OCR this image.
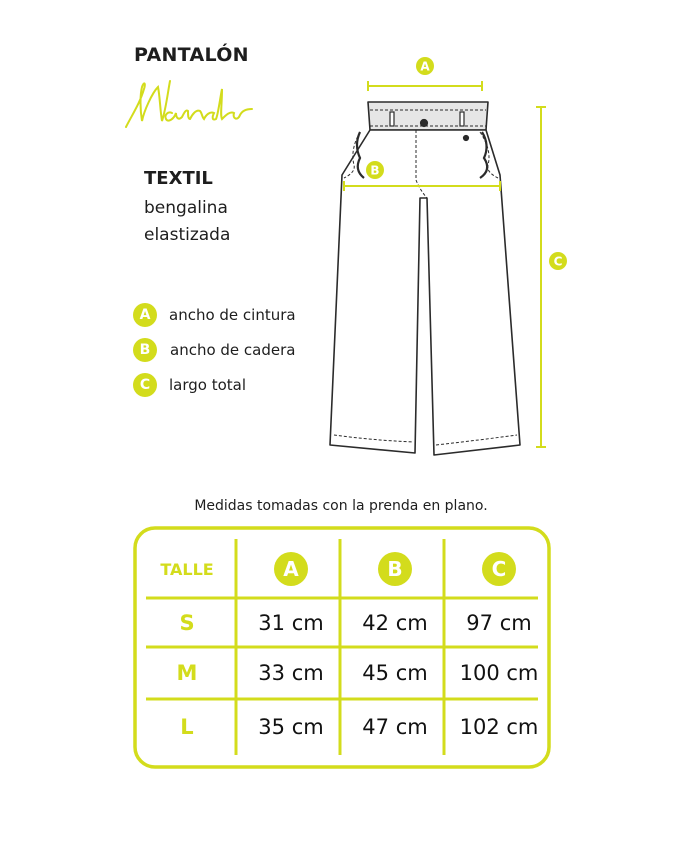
PANTALÓN
TEXTIL
bengalina
elastizada
A	ancho de cintura
B	ancho de cadera
C	largo total
A
B
C
Medidas tomadas con la prenda en plano.
TALLE	A	B	C
S	31 cm	42 cm	97 cm
M	33 cm	45 cm	100 cm
L	35 cm	47 cm	102 cm
